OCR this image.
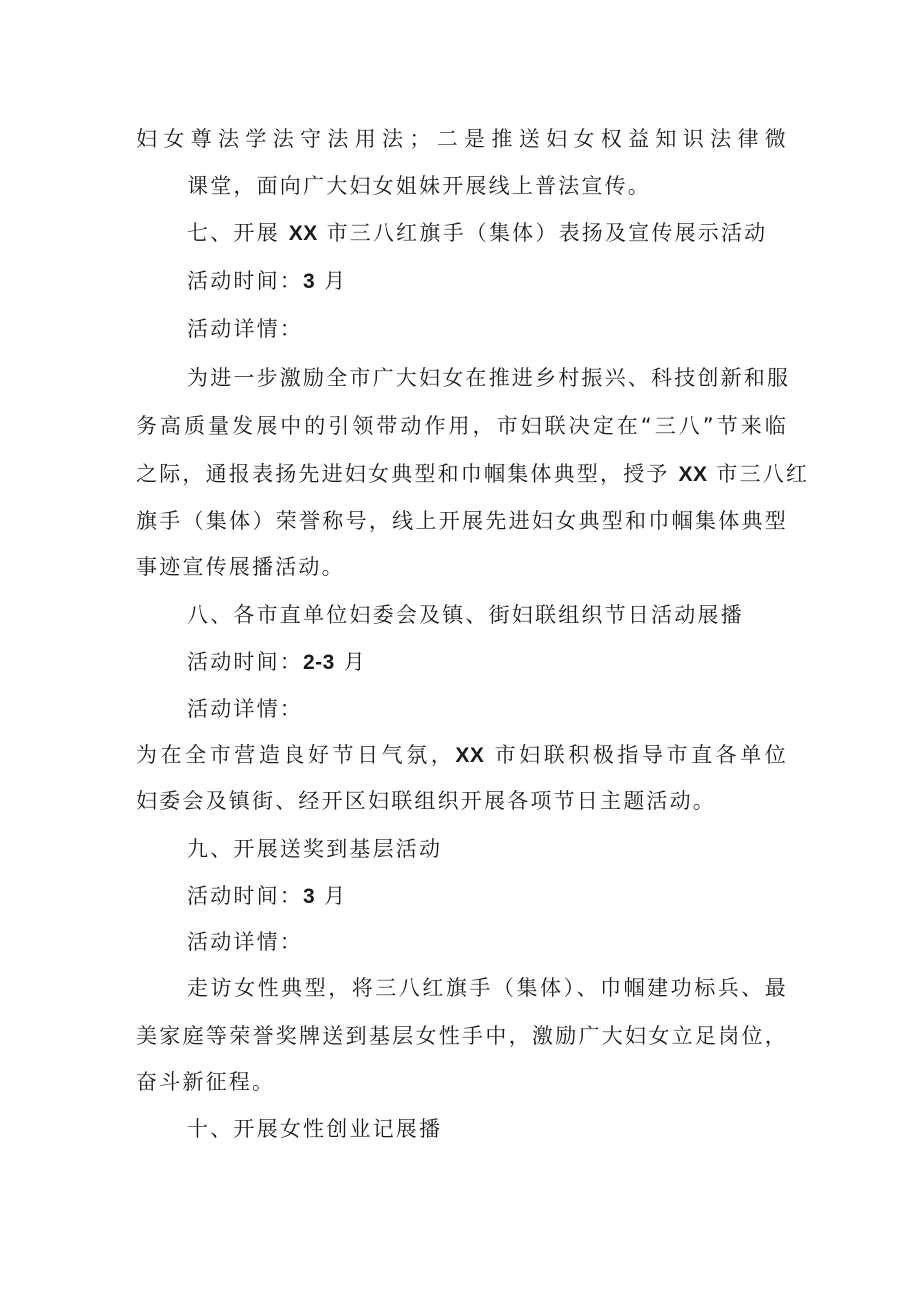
妇女尊法学法守法用法；二是推送妇女权益知识法律微
课堂，面向广大妇女姐妹开展线上普法宣传。
七、开展 XX 市三八红旗手（集体）表扬及宣传展示活动
活动时间：3 月
活动详情：
为进一步激励全市广大妇女在推进乡村振兴、科技创新和服
务高质量发展中的引领带动作用，市妇联决定在“三八”节来临
之际，通报表扬先进妇女典型和巾帼集体典型，授予 XX 市三八红
旗手（集体）荣誉称号，线上开展先进妇女典型和巾帼集体典型
事迹宣传展播活动。
八、各市直单位妇委会及镇、街妇联组织节日活动展播
活动时间：2-3 月
活动详情：
为在全市营造良好节日气氛，XX 市妇联积极指导市直各单位
妇委会及镇街、经开区妇联组织开展各项节日主题活动。
九、开展送奖到基层活动
活动时间：3 月
活动详情：
走访女性典型，将三八红旗手（集体）、巾帼建功标兵、最
美家庭等荣誉奖牌送到基层女性手中，激励广大妇女立足岗位，
奋斗新征程。
十、开展女性创业记展播
